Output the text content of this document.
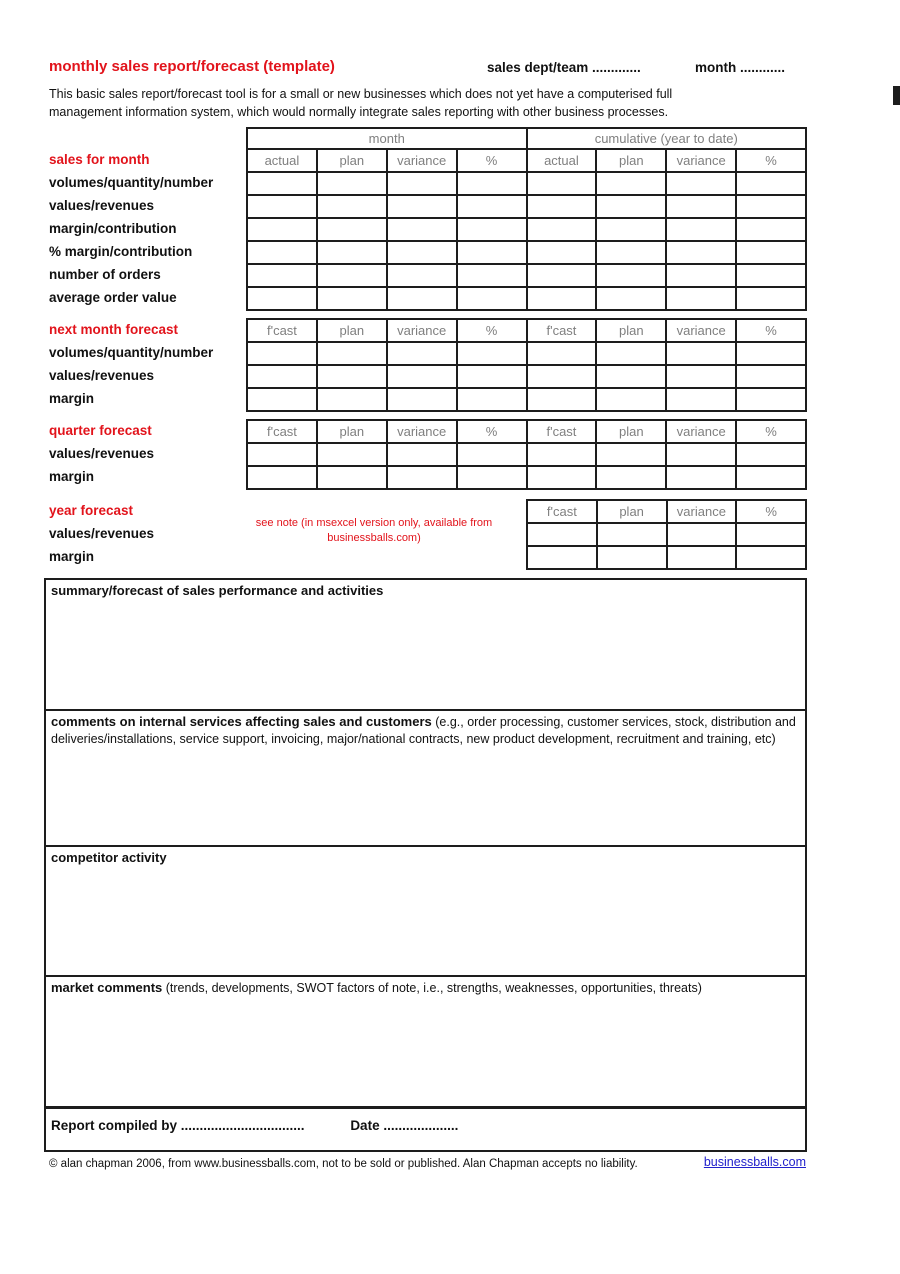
monthly sales report/forecast (template)	sales dept/team .............	month ............
This basic sales report/forecast tool is for a small or new businesses which does not yet have a computerised full
management information system, which would normally integrate sales reporting with other business processes.
sales for month
volumes/quantity/number
values/revenues
margin/contribution
% margin/contribution
number of orders
average order value
month				cumulative (year to date)			
actual	plan	variance	%	actual	plan	variance	%

next month forecast
volumes/quantity/number
values/revenues
margin
f'cast	plan	variance	%	f'cast	plan	variance	%

quarter forecast
values/revenues
margin
f'cast	plan	variance	%	f'cast	plan	variance	%

year forecast
values/revenues
margin
see note (in msexcel version only, available from
businessballs.com)
f'cast	plan	variance	%

summary/forecast of sales performance and activities
comments on internal services affecting sales and customers (e.g., order processing, customer services, stock, distribution and deliveries/installations, service support, invoicing, major/national contracts, new product development, recruitment and training, etc)
competitor activity
market comments (trends, developments, SWOT factors of note, i.e., strengths, weaknesses, opportunities, threats)
Report compiled by .................................	Date ....................
© alan chapman 2006, from www.businessballs.com, not to be sold or published. Alan Chapman accepts no liability.	businessballs.com
